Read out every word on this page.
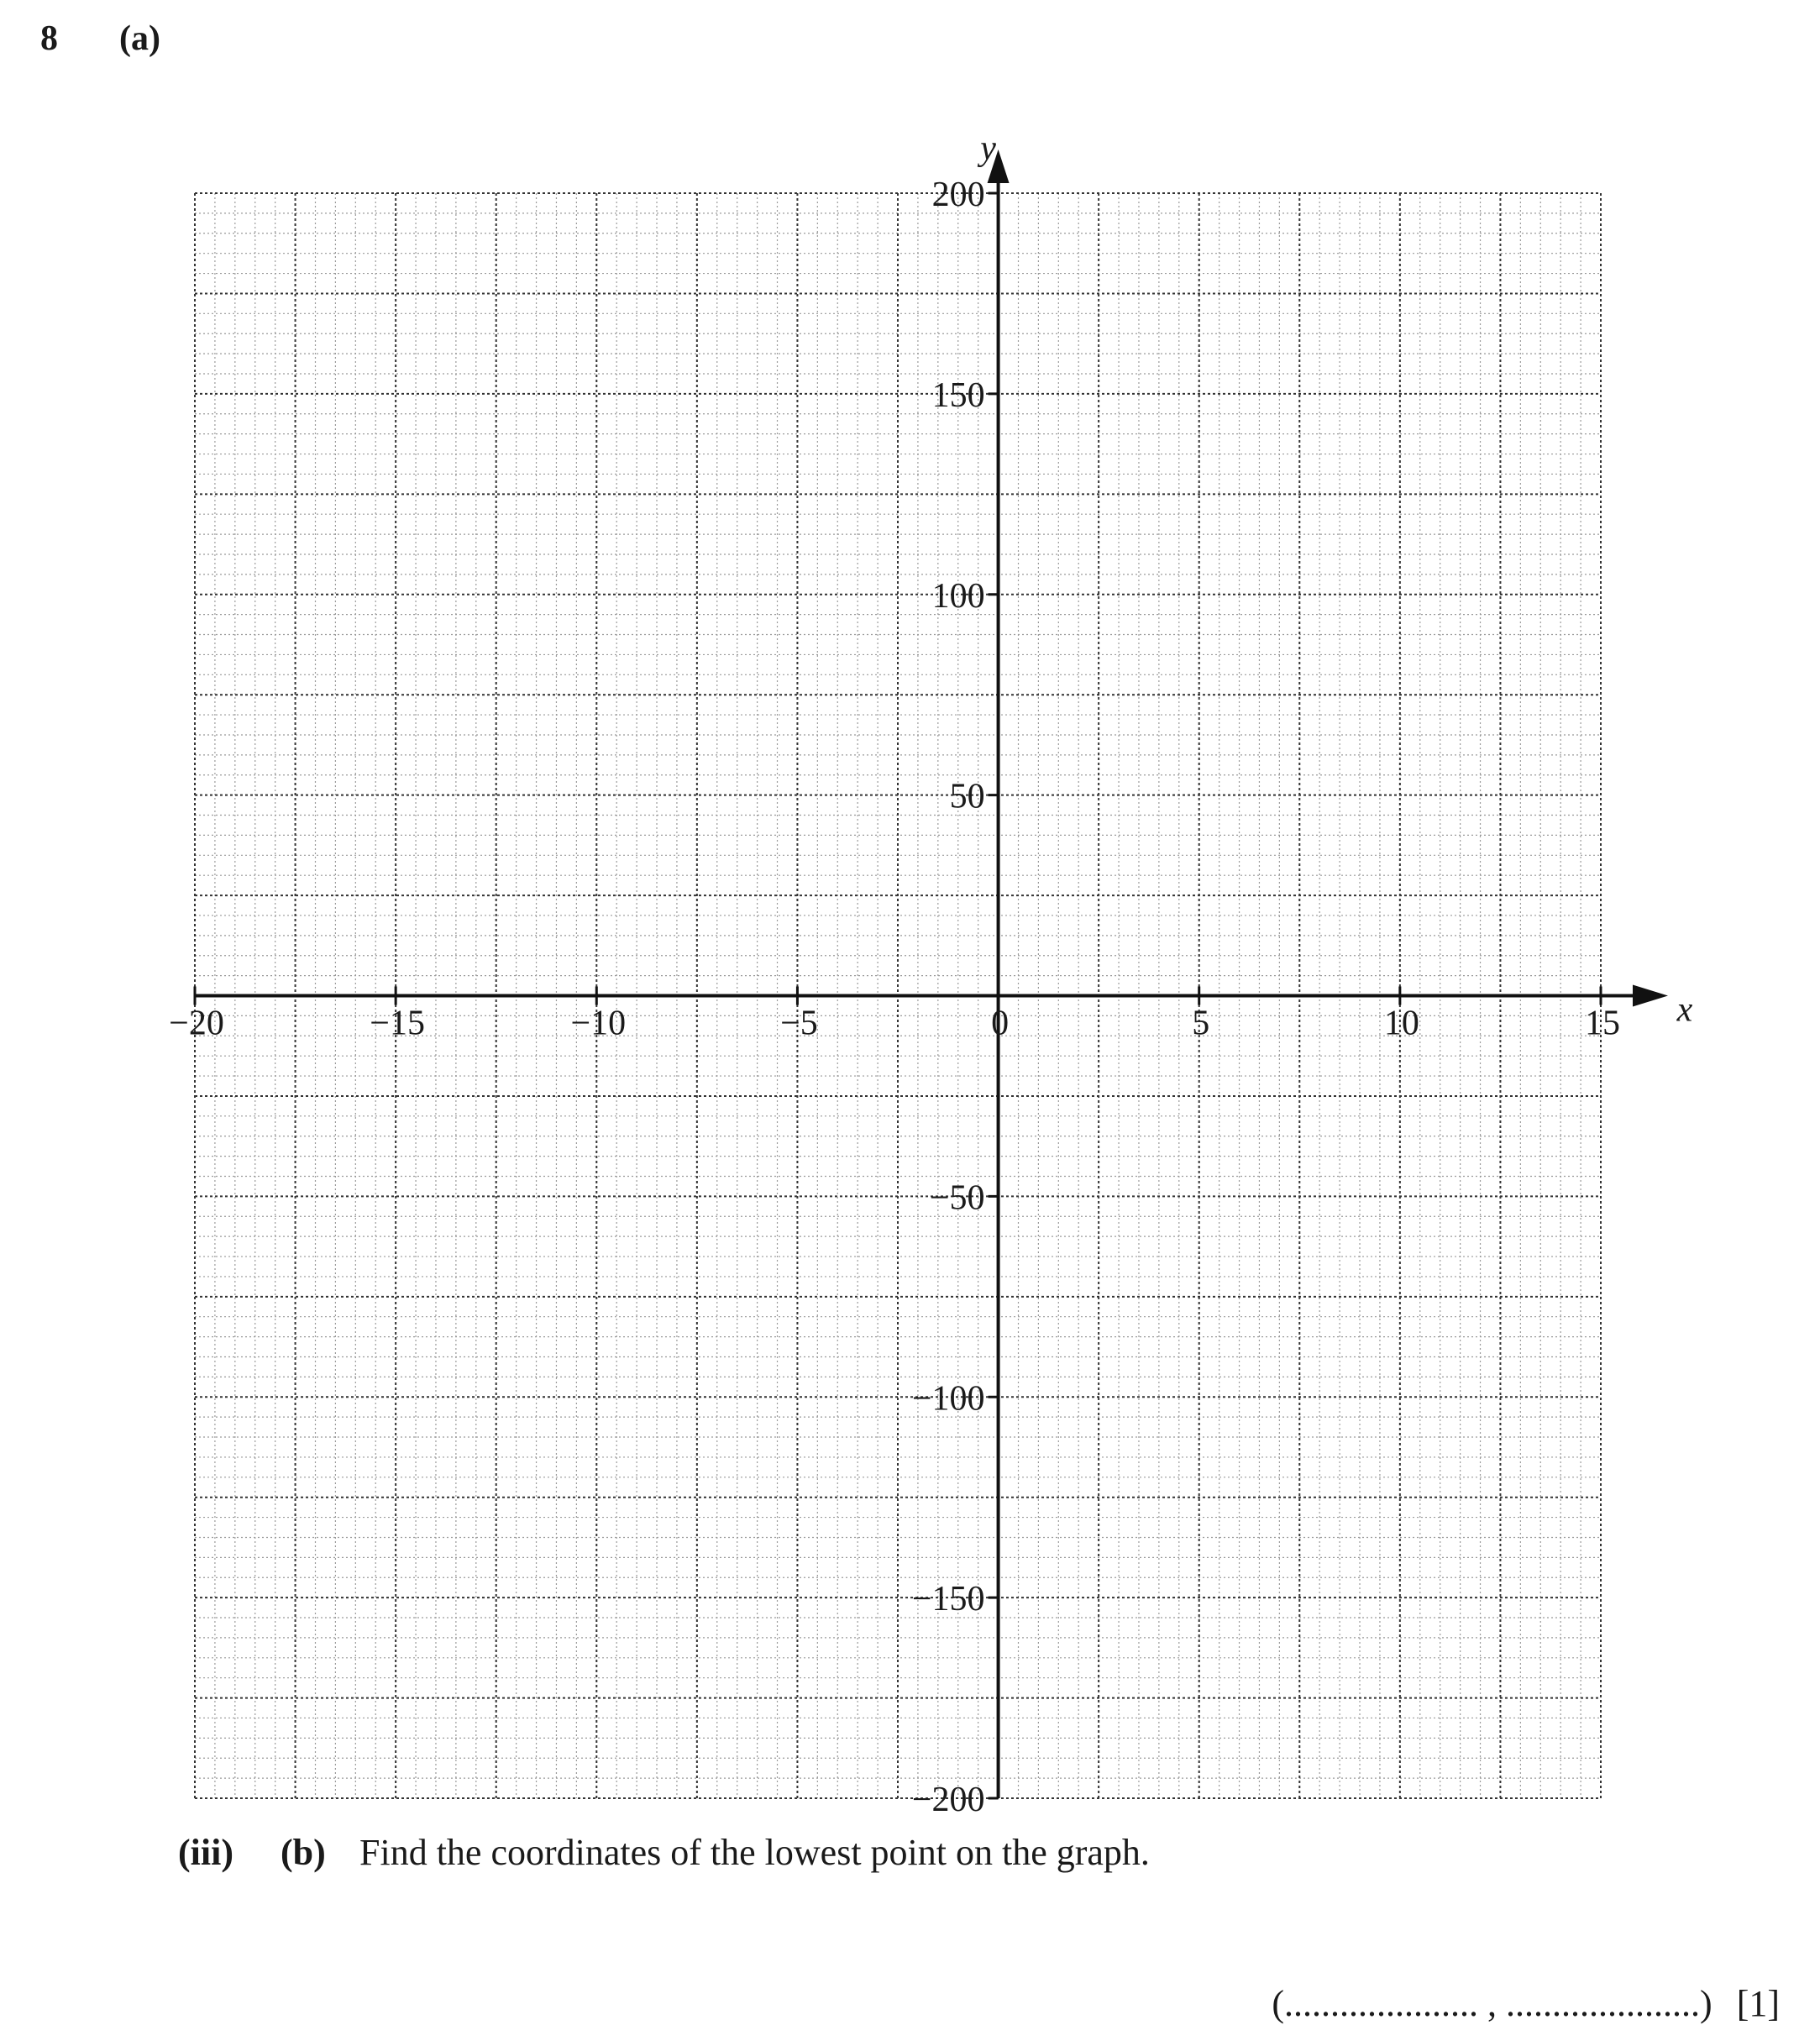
8 (a)
x
y
−20	−15	−10	−5	0	5	10	15
−200
−150
−100
−50
50
100
150
200
(iii) (b) Find the coordinates of the lowest point on the graph.
(..................... , .....................) [1]
